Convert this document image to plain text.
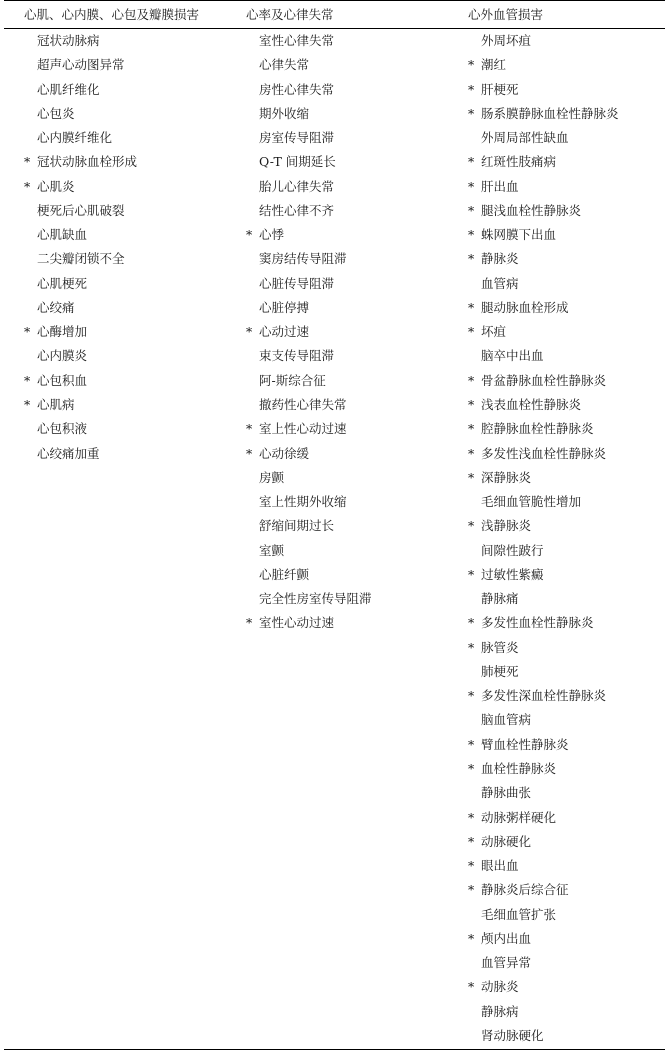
心肌、心内膜、心包及瓣膜损害	心率及心律失常	心外血管损害
冠状动脉病
超声心动图异常
心肌纤维化
心包炎
心内膜纤维化
* 冠状动脉血栓形成
* 心肌炎
梗死后心肌破裂
心肌缺血
二尖瓣闭锁不全
心肌梗死
心绞痛
* 心酶增加
心内膜炎
* 心包积血
* 心肌病
心包积液
心绞痛加重
室性心律失常
心律失常
房性心律失常
期外收缩
房室传导阻滞
Q-T 间期延长
胎儿心律失常
结性心律不齐
* 心悸
窦房结传导阻滞
心脏传导阻滞
心脏停搏
* 心动过速
束支传导阻滞
阿-斯综合征
撤药性心律失常
* 室上性心动过速
* 心动徐缓
房颤
室上性期外收缩
舒缩间期过长
室颤
心脏纤颤
完全性房室传导阻滞
* 室性心动过速
外周坏疽
* 潮红
* 肝梗死
* 肠系膜静脉血栓性静脉炎
外周局部性缺血
* 红斑性肢痛病
* 肝出血
* 腿浅血栓性静脉炎
* 蛛网膜下出血
* 静脉炎
血管病
* 腿动脉血栓形成
* 坏疽
脑卒中出血
* 骨盆静脉血栓性静脉炎
* 浅表血栓性静脉炎
* 腔静脉血栓性静脉炎
* 多发性浅血栓性静脉炎
* 深静脉炎
毛细血管脆性增加
* 浅静脉炎
间隙性跛行
* 过敏性紫癜
静脉痛
* 多发性血栓性静脉炎
* 脉管炎
肺梗死
* 多发性深血栓性静脉炎
脑血管病
* 臂血栓性静脉炎
* 血栓性静脉炎
静脉曲张
* 动脉粥样硬化
* 动脉硬化
* 眼出血
* 静脉炎后综合征
毛细血管扩张
* 颅内出血
血管异常
* 动脉炎
静脉病
肾动脉硬化
